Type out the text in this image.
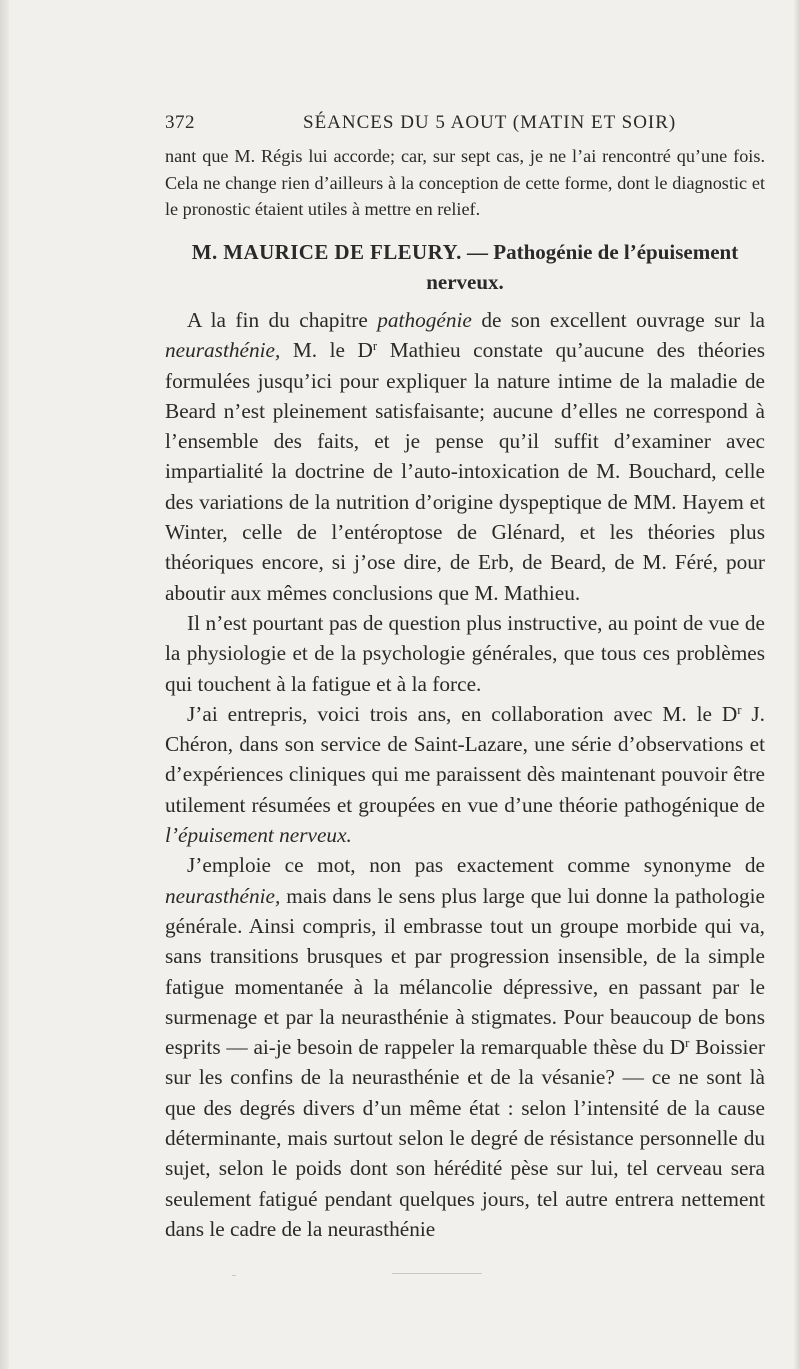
372	SÉANCES DU 5 AOUT (MATIN ET SOIR)

nant que M. Régis lui accorde; car, sur sept cas, je ne l’ai rencontré qu’une fois. Cela ne change rien d’ailleurs à la conception de cette forme, dont le diagnostic et le pronostic étaient utiles à mettre en relief.

M. MAURICE DE FLEURY. — Pathogénie de l’épuisement
nerveux.

A la fin du chapitre pathogénie de son excellent ouvrage sur la neurasthénie, M. le $D^r$ Mathieu constate qu’aucune des théories formulées jusqu’ici pour expliquer la nature intime de la maladie de Beard n’est pleinement satisfaisante; aucune d’elles ne correspond à l’ensemble des faits, et je pense qu’il suffit d’examiner avec impartialité la doctrine de l’auto-intoxication de M. Bouchard, celle des variations de la nutrition d’origine dyspeptique de MM. Hayem et Winter, celle de l’entéroptose de Glénard, et les théories plus théoriques encore, si j’ose dire, de Erb, de Beard, de M. Féré, pour aboutir aux mêmes conclusions que M. Mathieu.

Il n’est pourtant pas de question plus instructive, au point de vue de la physiologie et de la psychologie générales, que tous ces problèmes qui touchent à la fatigue et à la force.

J’ai entrepris, voici trois ans, en collaboration avec M. le $D^r$ J. Chéron, dans son service de Saint-Lazare, une série d’observations et d’expériences cliniques qui me paraissent dès maintenant pouvoir être utilement résumées et groupées en vue d’une théorie pathogénique de l’épuisement nerveux.

J’emploie ce mot, non pas exactement comme synonyme de neurasthénie, mais dans le sens plus large que lui donne la pathologie générale. Ainsi compris, il embrasse tout un groupe morbide qui va, sans transitions brusques et par progression insensible, de la simple fatigue momentanée à la mélancolie dépressive, en passant par le surmenage et par la neurasthénie à stigmates. Pour beaucoup de bons esprits — ai-je besoin de rappeler la remarquable thèse du $D^r$ Boissier sur les confins de la neurasthénie et de la vésanie? — ce ne sont là que des degrés divers d’un même état : selon l’intensité de la cause déterminante, mais surtout selon le degré de résistance personnelle du sujet, selon le poids dont son hérédité pèse sur lui, tel cerveau sera seulement fatigué pendant quelques jours, tel autre entrera nettement dans le cadre de la neurasthénie
